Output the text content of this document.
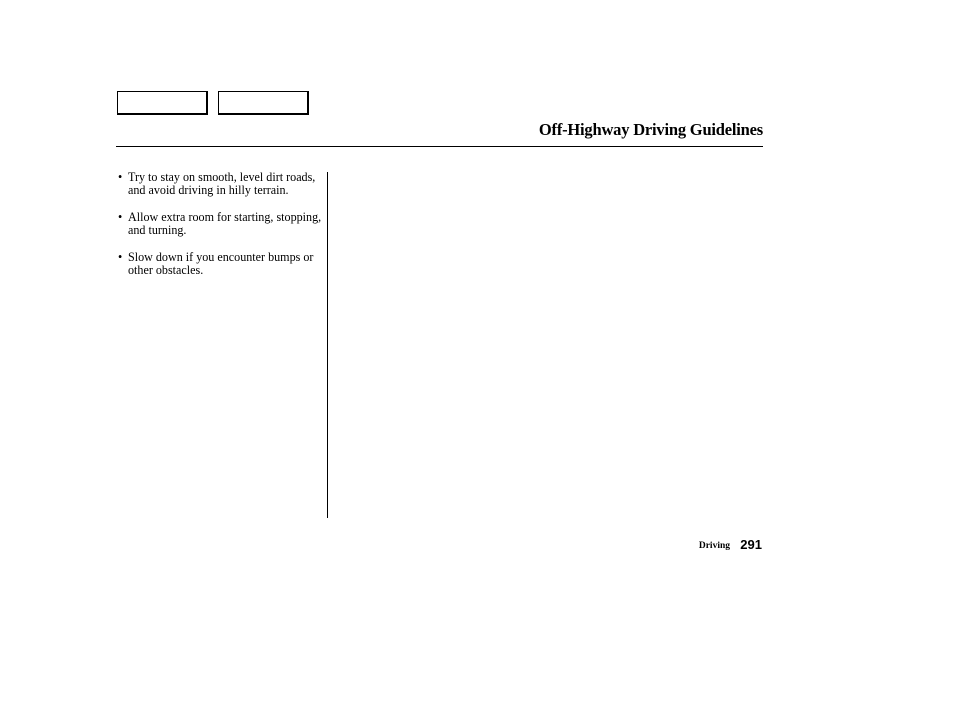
Off-Highway Driving Guidelines
• Try to stay on smooth, level dirt roads, and avoid driving in hilly terrain.
• Allow extra room for starting, stopping, and turning.
• Slow down if you encounter bumps or other obstacles.
Driving 291
